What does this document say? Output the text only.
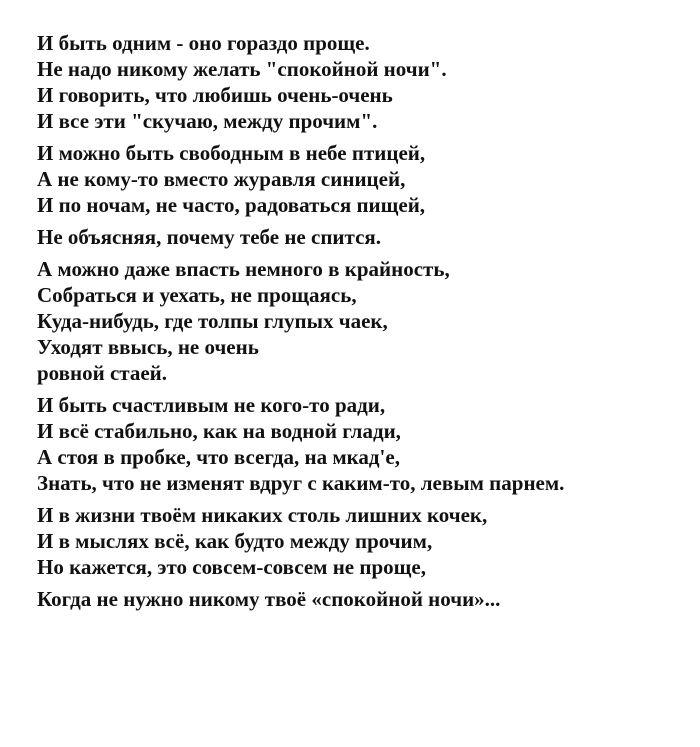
И быть одним - оно гораздо проще.
Не надо никому желать "спокойной ночи".
И говорить, что любишь очень-очень
И все эти "скучаю, между прочим".
И можно быть свободным в небе птицей,
А не кому-то вместо журавля синицей,
И по ночам, не часто, радоваться пищей,
Не объясняя, почему тебе не спится.
А можно даже впасть немного в крайность,
Собраться и уехать, не прощаясь,
Куда-нибудь, где толпы глупых чаек,
Уходят ввысь, не очень
ровной стаей.
И быть счастливым не кого-то ради,
И всё стабильно, как на водной глади,
А стоя в пробке, что всегда, на мкад'е,
Знать, что не изменят вдруг с каким-то, левым парнем.
И в жизни твоём никаких столь лишних кочек,
И в мыслях всё, как будто между прочим,
Но кажется, это совсем-совсем не проще,
Когда не нужно никому твоё «спокойной ночи»...
